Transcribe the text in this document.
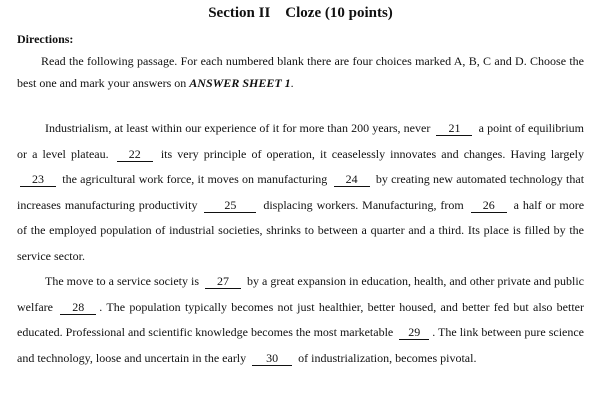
Section II    Cloze (10 points)
Directions:

Read the following passage. For each numbered blank there are four choices marked A, B, C and D. Choose the best one and mark your answers on ANSWER SHEET 1.

Industrialism, at least within our experience of it for more than 200 years, never 21 a point of equilibrium or a level plateau. 22 its very principle of operation, it ceaselessly innovates and changes. Having largely 23 the agricultural work force, it moves on manufacturing 24 by creating new automated technology that increases manufacturing productivity 25 displacing workers. Manufacturing, from 26 a half or more of the employed population of industrial societies, shrinks to between a quarter and a third. Its place is filled by the service sector.

The move to a service society is 27 by a great expansion in education, health, and other private and public welfare 28 . The population typically becomes not just healthier, better housed, and better fed but also better educated. Professional and scientific knowledge becomes the most marketable 29 . The link between pure science and technology, loose and uncertain in the early 30 of industrialization, becomes pivotal.
